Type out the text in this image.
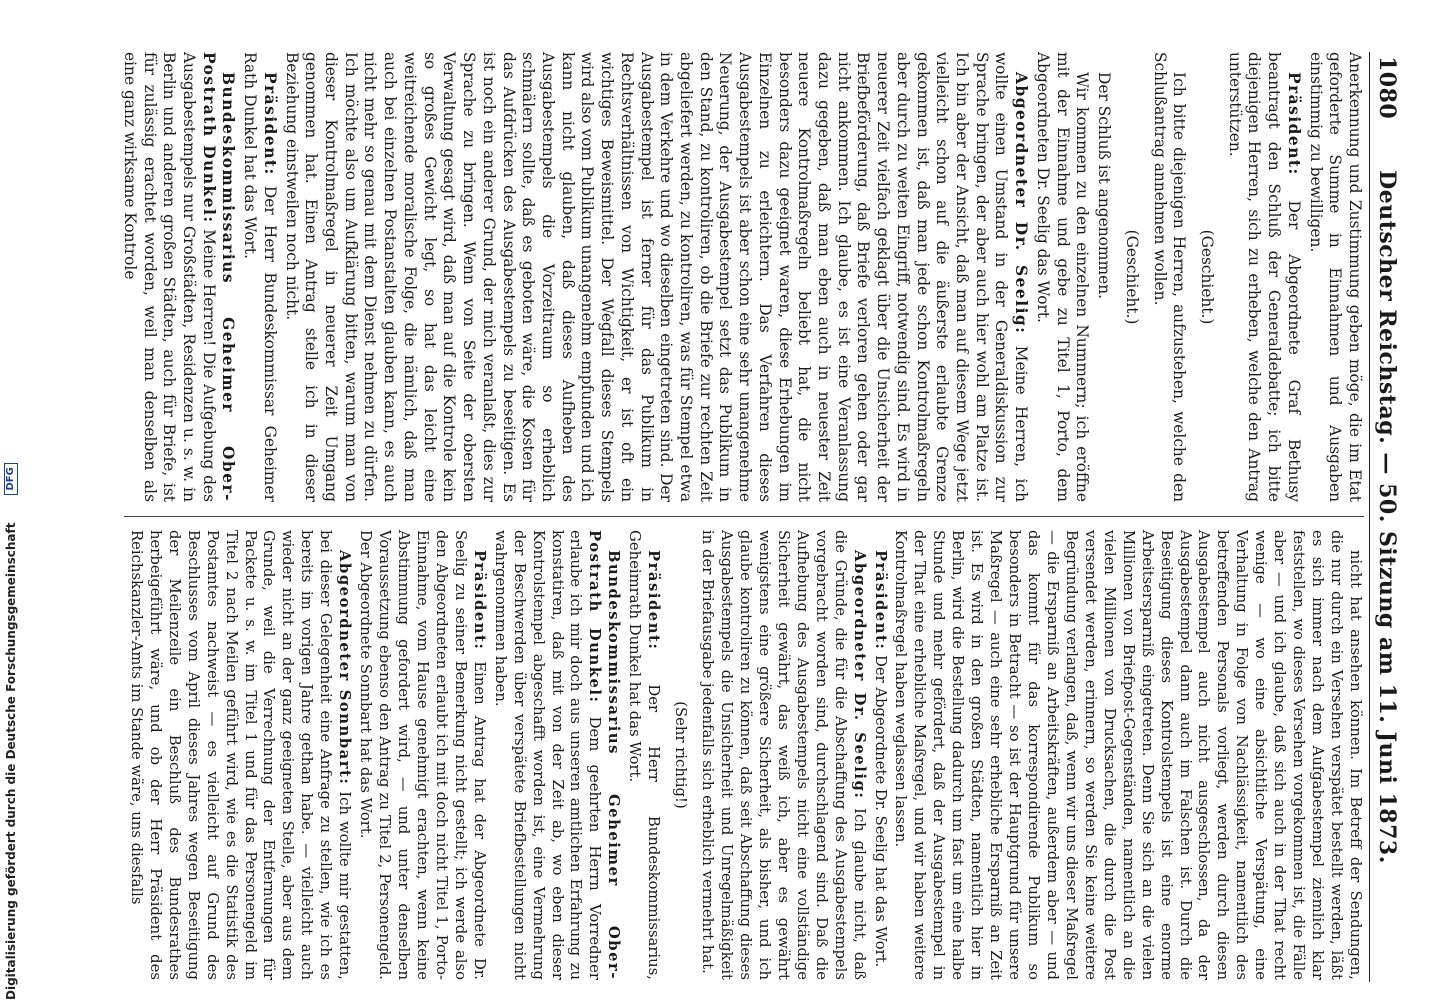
Deutscher Reichstag. — 50. Sitzung am 11. Juni 1873.
1080

Anerkennung und Zustimmung geben möge, die im Etat geforderte Summe in Einnahmen und Ausgaben einstimmig zu bewilligen.

Präsident: Der Abgeordnete Graf Bethusy beantragt den Schluß der Generaldebatte; ich bitte diejenigen Herren, sich zu erheben, welche den Antrag unterstützen.

(Geschieht.)

Ich bitte diejenigen Herren, aufzustehen, welche den Schlußantrag annehmen wollen.

(Geschieht.)

Der Schluß ist angenommen.

Wir kommen zu den einzelnen Nummern; ich eröffne mit der Einnahme und gebe zu Titel 1, Porto, dem Abgeordneten Dr. Seelig das Wort.

Abgeordneter Dr. Seelig: Meine Herren, ich wollte einen Umstand in der Generaldiskussion zur Sprache bringen, der aber auch hier wohl am Platze ist. Ich bin aber der Ansicht, daß man auf diesem Wege jetzt vielleicht schon auf die äußerste erlaubte Grenze gekommen ist, daß man jede schon Kontrolmaßregeln aber durch zu weiten Eingriff, notwendig sind. Es wird in neuerer Zeit vielfach geklagt über die Unsicherheit der Briefbeförderung, daß Briefe verloren gehen oder gar nicht ankommen. Ich glaube, es ist eine Veranlassung dazu gegeben, daß man eben auch in neuester Zeit neuere Kontrolmaßregeln beliebt hat, die nicht besonders dazu geeignet waren, diese Erhebungen im Einzelnen zu erleichtern. Das Verfahren dieses Ausgabestempels ist aber schon eine sehr unangenehme Neuerung, der Ausgabestempel setzt das Publikum in den Stand, zu kontroliren, ob die Briefe zur rechten Zeit abgeliefert werden, zu kontroliren, was für Stempel etwa in dem Verkehre und wo dieselben eingetreten sind. Der Ausgabestempel ist ferner für das Publikum in Rechtsverhältnissen von Wichtigkeit, er ist oft ein wichtiges Beweismittel. Der Wegfall dieses Stempels wird also vom Publikum unangenehm empfunden und ich kann nicht glauben, daß dieses Aufheben des Ausgabestempels die Vorzeitraum so erheblich schmälern sollte, daß es geboten wäre, die Kosten für das Aufdrücken des Ausgabestempels zu beseitigen. Es ist noch ein anderer Grund, der mich veranlaßt, dies zur Sprache zu bringen. Wenn von Seite der obersten Verwaltung gesagt wird, daß man auf die Kontrole kein so großes Gewicht legt, so hat das leicht eine weitreichende moralische Folge, die nämlich, daß man auch bei einzelnen Postanstalten glauben kann, es auch nicht mehr so genau mit dem Dienst nehmen zu dürfen. Ich möchte also um Aufklärung bitten, warum man von dieser Kontrolmaßregel in neuerer Zeit Umgang genommen hat. Einen Antrag stelle ich in dieser Beziehung einstweilen noch nicht.

Präsident: Der Herr Bundeskommissar Geheimer Rath Dunkel hat das Wort.

Bundeskommissarius Geheimer Ober-Postrath Dunkel: Meine Herren! Die Aufgebung des Ausgabestempels nur Großstädten, Residenzen u. s. w. in Berlin und anderen großen Städten, auch für Briefe, ist für zulässig erachtet worden, weil man denselben als eine ganz wirksame Kontrole

nicht hat ansehen können. Im Betreff der Sendungen, die nur durch ein Versehen verspätet bestellt werden, läßt es sich immer nach dem Aufgabestempel ziemlich klar feststellen, wo dieses Versehen vorgekommen ist, die Fälle aber — und ich glaube, daß sich auch in der That recht wenige — wo eine absichtliche Verspätung, eine Verhaltung in Folge von Nachlässigkeit, namentlich des betreffenden Personals vorliegt, werden durch diesen Ausgabestempel auch nicht ausgeschlossen, da der Ausgabestempel dann auch im Falschen ist. Durch die Beseitigung dieses Kontrolstempels ist eine enorme Arbeitsersparniß eingetreten. Denn Sie sich an die vielen Millionen von Briefpost-Gegenständen, namentlich an die vielen Millionen von Drucksachen, die durch die Post versendet werden, erinnern, so werden Sie keine weitere Begründung verlangen, daß, wenn wir uns dieser Maßregel — die Ersparniß an Arbeitskräften, außerdem aber — und das kommt für das korrespondirende Publikum so besonders in Betracht — so ist der Hauptgrund für unsere Maßregel — auch eine sehr erhebliche Ersparniß an Zeit ist. Es wird in den großen Städten, namentlich hier in Berlin, wird die Bestellung dadurch um fast um eine halbe Stunde und mehr gefördert, daß der Ausgabestempel in der That eine erhebliche Maßregel, und wir haben weitere Kontrolmaßregel haben weglassen lassen.

Präsident: Der Abgeordnete Dr. Seelig hat das Wort.

Abgeordneter Dr. Seelig: Ich glaube nicht, daß die Gründe, die für die Abschaffung des Ausgabestempels vorgebracht worden sind, durchschlagend sind. Daß die Aufhebung des Ausgabestempels nicht eine vollständige Sicherheit gewährt, das weiß ich, aber es gewährt wenigstens eine größere Sicherheit, als bisher, und ich glaube kontroliren zu können, daß seit Abschaffung dieses Ausgabestempels die Unsicherheit und Unregelmäßigkeit in der Briefausgabe jedenfalls sich erheblich vermehrt hat.

(Sehr richtig!)

Präsident: Der Herr Bundeskommissarius, Geheimrath Dunkel hat das Wort.

Bundeskommissarius Geheimer Ober-Postrath Dunkel: Dem geehrten Herrn Vorredner erlaube ich mir doch aus unseren amtlichen Erfahrung zu konstatiren, daß mit von der Zeit ab, wo eben dieser Kontrolstempel abgeschafft worden ist, eine Vermehrung der Beschwerden über verspätete Briefbestellungen nicht wahrgenommen haben.

Präsident: Einen Antrag hat der Abgeordnete Dr. Seelig zu seiner Bemerkung nicht gestellt; ich werde also den Abgeordneten erlaubt ich mit doch nicht Titel 1, Porto-Einnahme, vom Hause genehmigt erachten, wenn keine Abstimmung gefordert wird, — und unter denselben Voraussetzung ebenso den Antrag zu Titel 2, Personengeld. Der Abgeordnete Sonnbart hat das Wort.

Abgeordneter Sonnbart: Ich wollte mir gestatten, bei dieser Gelegenheit eine Anfrage zu stellen, wie ich es bereits im vorigen Jahre gethan habe. — vielleicht auch wieder nicht an der ganz geeigneten Stelle, aber aus dem Grunde, weil die Verrechnung der Entfernungen für Packete u. s. w. im Titel 1 und für das Personengeld im Titel 2 nach Meilen geführt wird, wie es die Statistik des Postamtes nachweist — es vielleicht auf Grund des Beschlusses vom April dieses Jahres wegen Beseitigung der Meilenzeile ein Beschluß des Bundesrathes herbeigeführt wäre, und ob der Herr Präsident des Reichskanzler-Amts im Stande wäre, uns diesfalls

Digitalisierung gefördert durch die Deutsche Forschungsgemeinschaft
DFG
